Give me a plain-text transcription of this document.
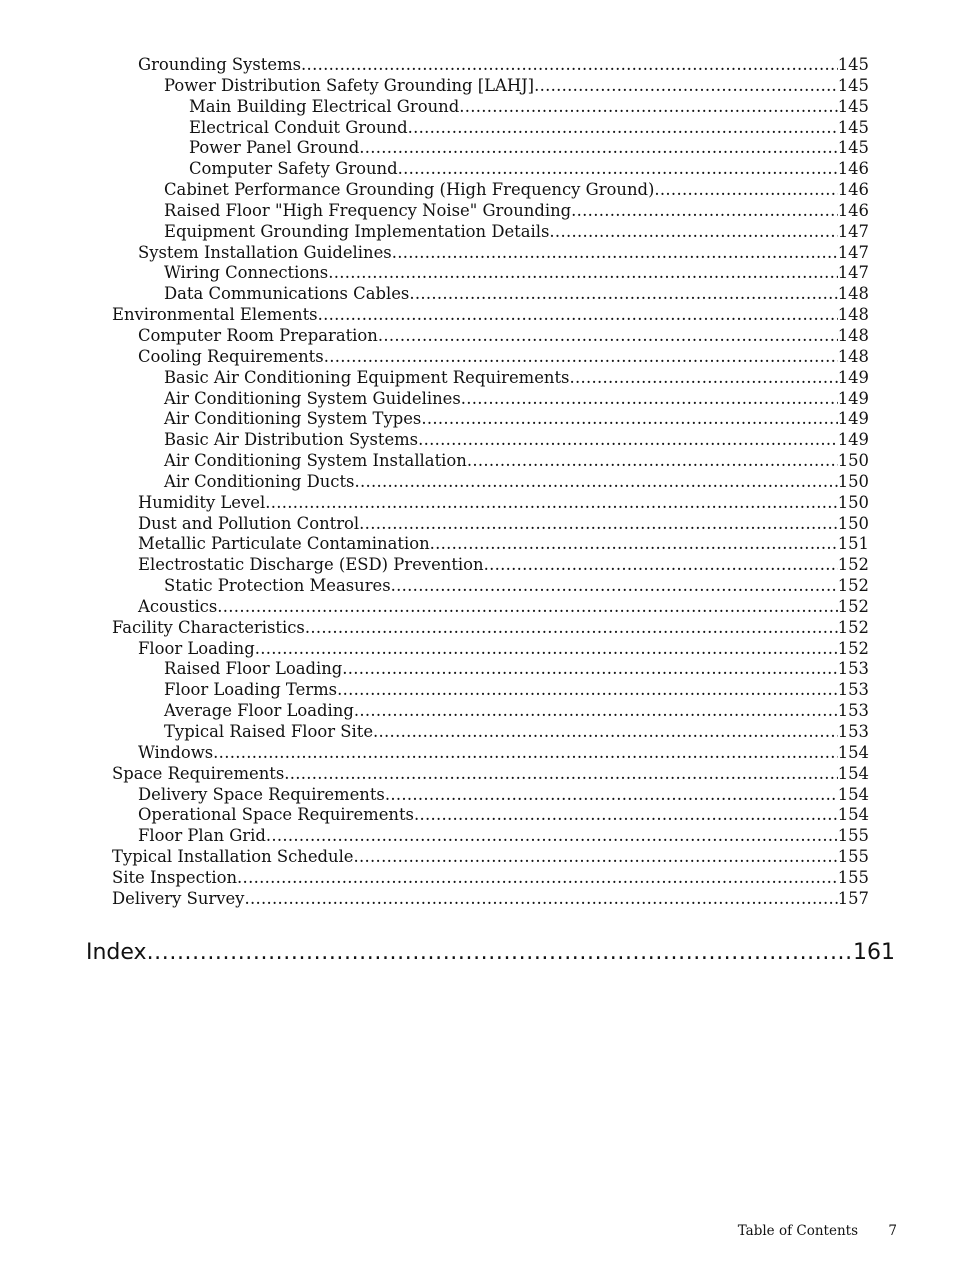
Grounding Systems .....	145
Power Distribution Safety Grounding [LAHJ] .....	145
Main Building Electrical Ground .....	145
Electrical Conduit Ground .....	145
Power Panel Ground .....	145
Computer Safety Ground .....	146
Cabinet Performance Grounding (High Frequency Ground) .....	146
Raised Floor "High Frequency Noise" Grounding .....	146
Equipment Grounding Implementation Details .....	147
System Installation Guidelines .....	147
Wiring Connections .....	147
Data Communications Cables .....	148
Environmental Elements .....	148
Computer Room Preparation .....	148
Cooling Requirements .....	148
Basic Air Conditioning Equipment Requirements .....	149
Air Conditioning System Guidelines .....	149
Air Conditioning System Types .....	149
Basic Air Distribution Systems .....	149
Air Conditioning System Installation .....	150
Air Conditioning Ducts .....	150
Humidity Level .....	150
Dust and Pollution Control .....	150
Metallic Particulate Contamination .....	151
Electrostatic Discharge (ESD) Prevention .....	152
Static Protection Measures .....	152
Acoustics .....	152
Facility Characteristics .....	152
Floor Loading .....	152
Raised Floor Loading .....	153
Floor Loading Terms .....	153
Average Floor Loading .....	153
Typical Raised Floor Site .....	153
Windows .....	154
Space Requirements .....	154
Delivery Space Requirements .....	154
Operational Space Requirements .....	154
Floor Plan Grid .....	155
Typical Installation Schedule .....	155
Site Inspection .....	155
Delivery Survey .....	157
Index .....	161
Table of Contents 7
